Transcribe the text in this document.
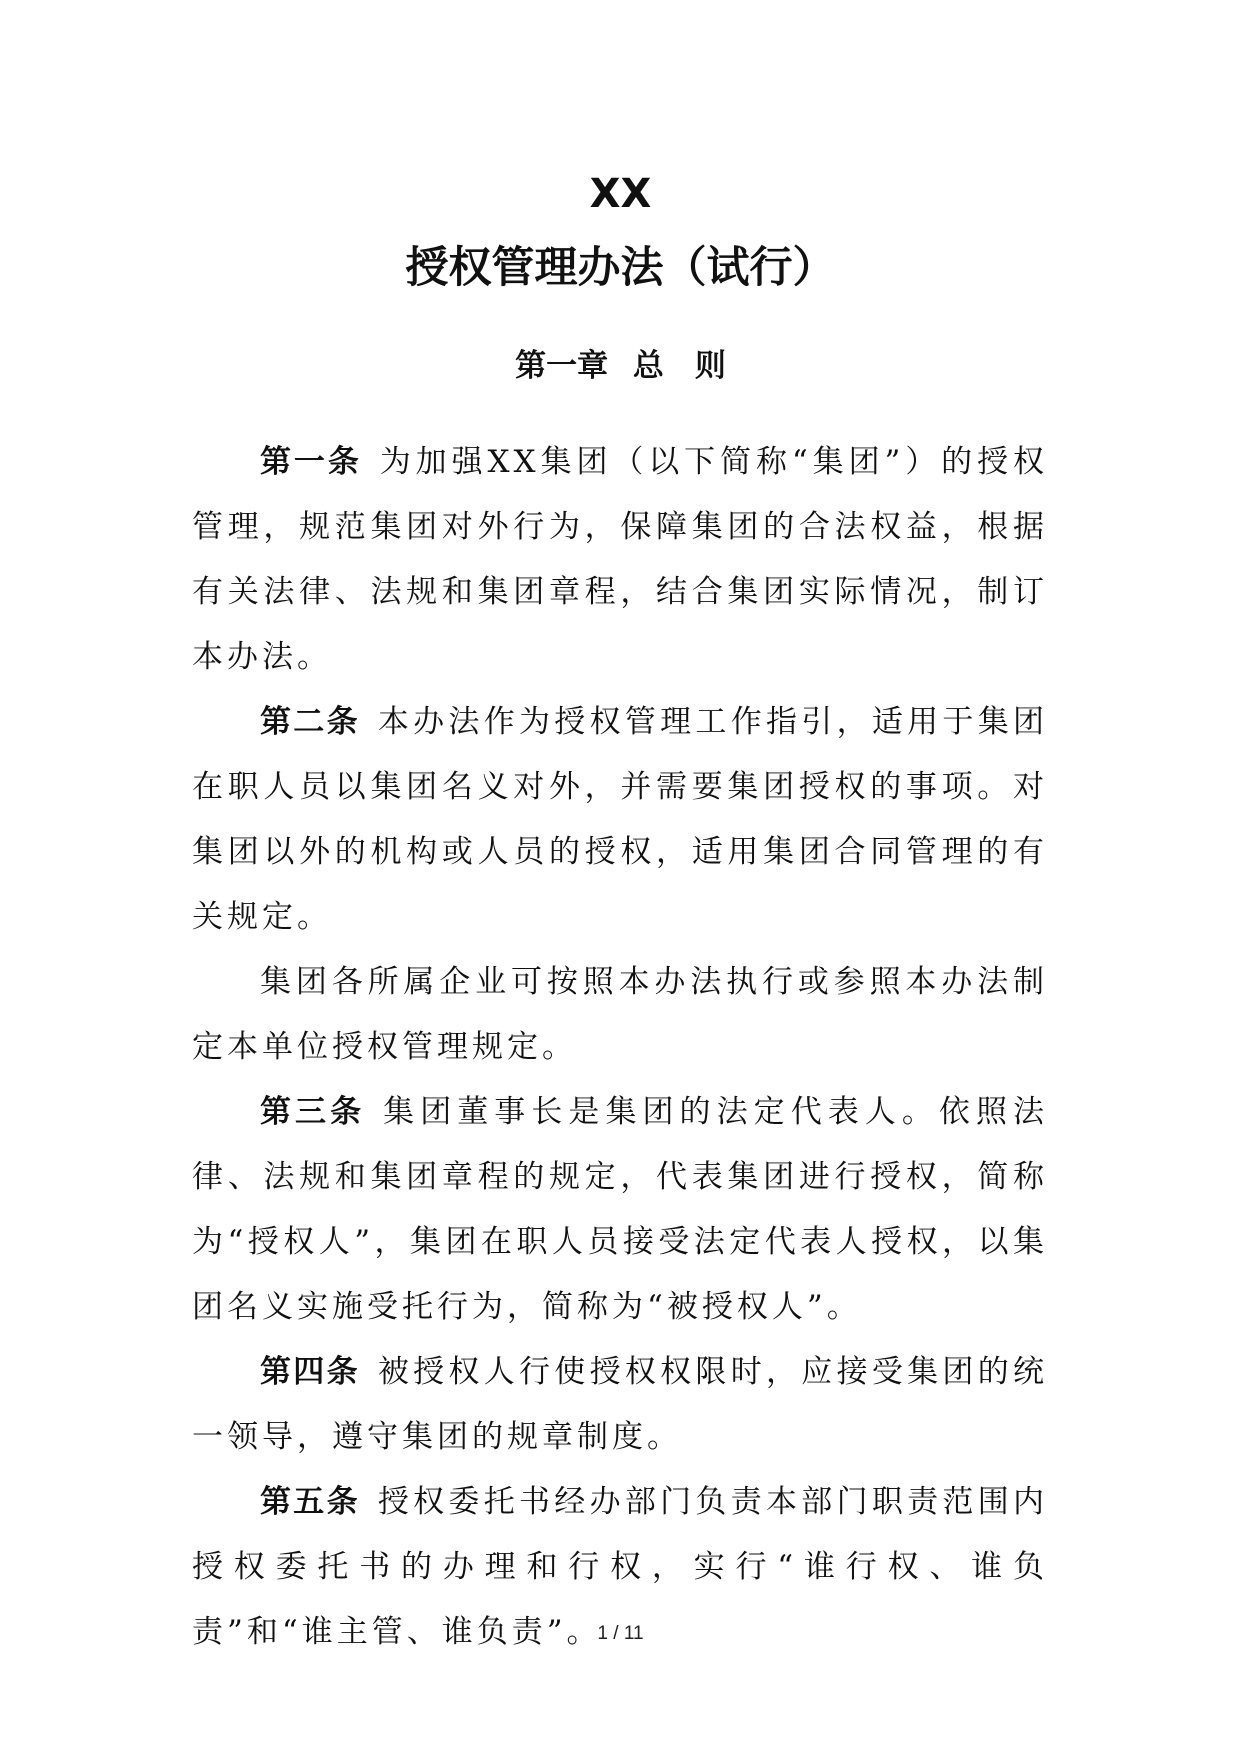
XX
授权管理办法（试行）
第一章 总　则

第一条 为加强XX集团（以下简称“集团”）的授权管理，规范集团对外行为，保障集团的合法权益，根据有关法律、法规和集团章程，结合集团实际情况，制订本办法。

第二条 本办法作为授权管理工作指引，适用于集团在职人员以集团名义对外，并需要集团授权的事项。对集团以外的机构或人员的授权，适用集团合同管理的有关规定。

集团各所属企业可按照本办法执行或参照本办法制定本单位授权管理规定。

第三条 集团董事长是集团的法定代表人。依照法律、法规和集团章程的规定，代表集团进行授权，简称为“授权人”，集团在职人员接受法定代表人授权，以集团名义实施受托行为，简称为“被授权人”。

第四条 被授权人行使授权权限时，应接受集团的统一领导，遵守集团的规章制度。

第五条 授权委托书经办部门负责本部门职责范围内授权委托书的办理和行权，实行“谁行权、谁负责”和“谁主管、谁负责”。

1 / 11
